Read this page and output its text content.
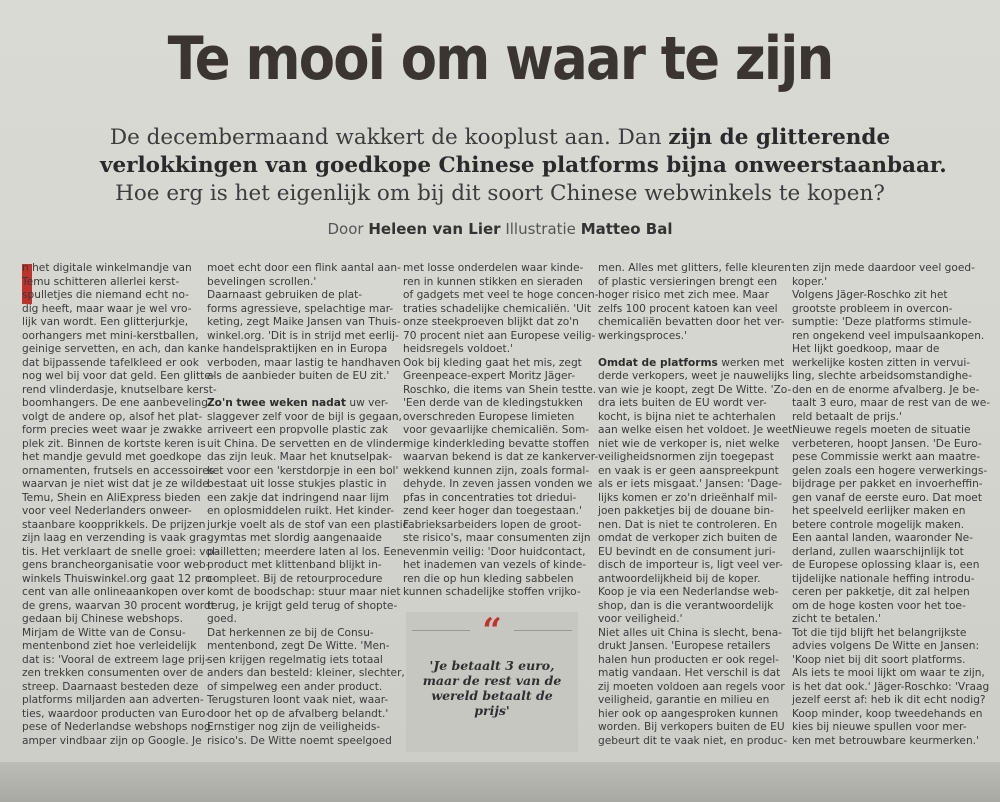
Te mooi om waar te zijn
De decembermaand wakkert de kooplust aan. Dan zijn de glitterende
verlokkingen van goedkope Chinese platforms bijna onweerstaanbaar.
Hoe erg is het eigenlijk om bij dit soort Chinese webwinkels te kopen?
Door Heleen van Lier Illustratie Matteo Bal
n het digitale winkelmandje van
Temu schitteren allerlei kerst-
spulletjes die niemand echt no-
dig heeft, maar waar je wel vro-
lijk van wordt. Een glitterjurkje,
oorhangers met mini-kerstballen,
geinige servetten, en ach, dan kan
dat bijpassende tafelkleed er ook
nog wel bij voor dat geld. Een glitte-
rend vlinderdasje, knutselbare kerst-
boomhangers. De ene aanbeveling
volgt de andere op, alsof het plat-
form precies weet waar je zwakke
plek zit. Binnen de kortste keren is
het mandje gevuld met goedkope
ornamenten, frutsels en accessoires
waarvan je niet wist dat je ze wilde.
Temu, Shein en AliExpress bieden
voor veel Nederlanders onweer-
staanbare koopprikkels. De prijzen
zijn laag en verzending is vaak gra-
tis. Het verklaart de snelle groei: vol-
gens brancheorganisatie voor web-
winkels Thuiswinkel.org gaat 12 pro-
cent van alle onlineaankopen over
de grens, waarvan 30 procent wordt
gedaan bij Chinese webshops.
Mirjam de Witte van de Consu-
mentenbond ziet hoe verleidelijk
dat is: 'Vooral de extreem lage prij-
zen trekken consumenten over de
streep. Daarnaast besteden deze
platforms miljarden aan adverten-
ties, waardoor producten van Euro-
pese of Nederlandse webshops nog
amper vindbaar zijn op Google. Je
moet echt door een flink aantal aan-
bevelingen scrollen.'
Daarnaast gebruiken de plat-
forms agressieve, spelachtige mar-
keting, zegt Maike Jansen van Thuis-
winkel.org. 'Dit is in strijd met eerlij-
ke handelspraktijken en in Europa
verboden, maar lastig te handhaven
als de aanbieder buiten de EU zit.'

Zo'n twee weken nadat uw ver-
slaggever zelf voor de bijl is gegaan,
arriveert een propvolle plastic zak
uit China. De servetten en de vlinder-
das zijn leuk. Maar het knutselpak-
ket voor een 'kerstdorpje in een bol'
bestaat uit losse stukjes plastic in
een zakje dat indringend naar lijm
en oplosmiddelen ruikt. Het kinder-
jurkje voelt als de stof van een plastic
gymtas met slordig aangenaaide
pailletten; meerdere laten al los. Een
product met klittenband blijkt in-
compleet. Bij de retourprocedure
komt de boodschap: stuur maar niet
terug, je krijgt geld terug of shopte-
goed.
Dat herkennen ze bij de Consu-
mentenbond, zegt De Witte. 'Men-
sen krijgen regelmatig iets totaal
anders dan besteld: kleiner, slechter,
of simpelweg een ander product.
Terugsturen loont vaak niet, waar-
door het op de afvalberg belandt.'
Ernstiger nog zijn de veiligheids-
risico's. De Witte noemt speelgoed
met losse onderdelen waar kinde-
ren in kunnen stikken en sieraden
of gadgets met veel te hoge concen-
traties schadelijke chemicaliën. 'Uit
onze steekproeven blijkt dat zo'n
70 procent niet aan Europese veilig-
heidsregels voldoet.'
Ook bij kleding gaat het mis, zegt
Greenpeace-expert Moritz Jäger-
Roschko, die items van Shein testte.
'Een derde van de kledingstukken
overschreden Europese limieten
voor gevaarlijke chemicaliën. Som-
mige kinderkleding bevatte stoffen
waarvan bekend is dat ze kankerver-
wekkend kunnen zijn, zoals formal-
dehyde. In zeven jassen vonden we
pfas in concentraties tot driedui-
zend keer hoger dan toegestaan.'
Fabrieksarbeiders lopen de groot-
ste risico's, maar consumenten zijn
evenmin veilig: 'Door huidcontact,
het inademen van vezels of kinde-
ren die op hun kleding sabbelen
kunnen schadelijke stoffen vrijko-
men. Alles met glitters, felle kleuren
of plastic versieringen brengt een
hoger risico met zich mee. Maar
zelfs 100 procent katoen kan veel
chemicaliën bevatten door het ver-
werkingsproces.'

Omdat de platforms werken met
derde verkopers, weet je nauwelijks
van wie je koopt, zegt De Witte. 'Zo-
dra iets buiten de EU wordt ver-
kocht, is bijna niet te achterhalen
aan welke eisen het voldoet. Je weet
niet wie de verkoper is, niet welke
veiligheidsnormen zijn toegepast
en vaak is er geen aanspreekpunt
als er iets misgaat.' Jansen: 'Dage-
lijks komen er zo'n drieënhalf mil-
joen pakketjes bij de douane bin-
nen. Dat is niet te controleren. En
omdat de verkoper zich buiten de
EU bevindt en de consument juri-
disch de importeur is, ligt veel ver-
antwoordelijkheid bij de koper.
Koop je via een Nederlandse web-
shop, dan is die verantwoordelijk
voor veiligheid.'
Niet alles uit China is slecht, bena-
drukt Jansen. 'Europese retailers
halen hun producten er ook regel-
matig vandaan. Het verschil is dat
zij moeten voldoen aan regels voor
veiligheid, garantie en milieu en
hier ook op aangesproken kunnen
worden. Bij verkopers buiten de EU
gebeurt dit te vaak niet, en produc-
ten zijn mede daardoor veel goed-
koper.'
Volgens Jäger-Roschko zit het
grootste probleem in overcon-
sumptie: 'Deze platforms stimule-
ren ongekend veel impulsaankopen.
Het lijkt goedkoop, maar de
werkelijke kosten zitten in vervui-
ling, slechte arbeidsomstandighe-
den en de enorme afvalberg. Je be-
taalt 3 euro, maar de rest van de we-
reld betaalt de prijs.'
Nieuwe regels moeten de situatie
verbeteren, hoopt Jansen. 'De Euro-
pese Commissie werkt aan maatre-
gelen zoals een hogere verwerkings-
bijdrage per pakket en invoerheffin-
gen vanaf de eerste euro. Dat moet
het speelveld eerlijker maken en
betere controle mogelijk maken.
Een aantal landen, waaronder Ne-
derland, zullen waarschijnlijk tot
de Europese oplossing klaar is, een
tijdelijke nationale heffing introdu-
ceren per pakketje, dit zal helpen
om de hoge kosten voor het toe-
zicht te betalen.'
Tot die tijd blijft het belangrijkste
advies volgens De Witte en Jansen:
'Koop niet bij dit soort platforms.
Als iets te mooi lijkt om waar te zijn,
is het dat ook.' Jäger-Roschko: 'Vraag
jezelf eerst af: heb ik dit echt nodig?
Koop minder, koop tweedehands en
kies bij nieuwe spullen voor mer-
ken met betrouwbare keurmerken.'
“
'Je betaalt 3 euro,
maar de rest van de
wereld betaalt de
prijs'
